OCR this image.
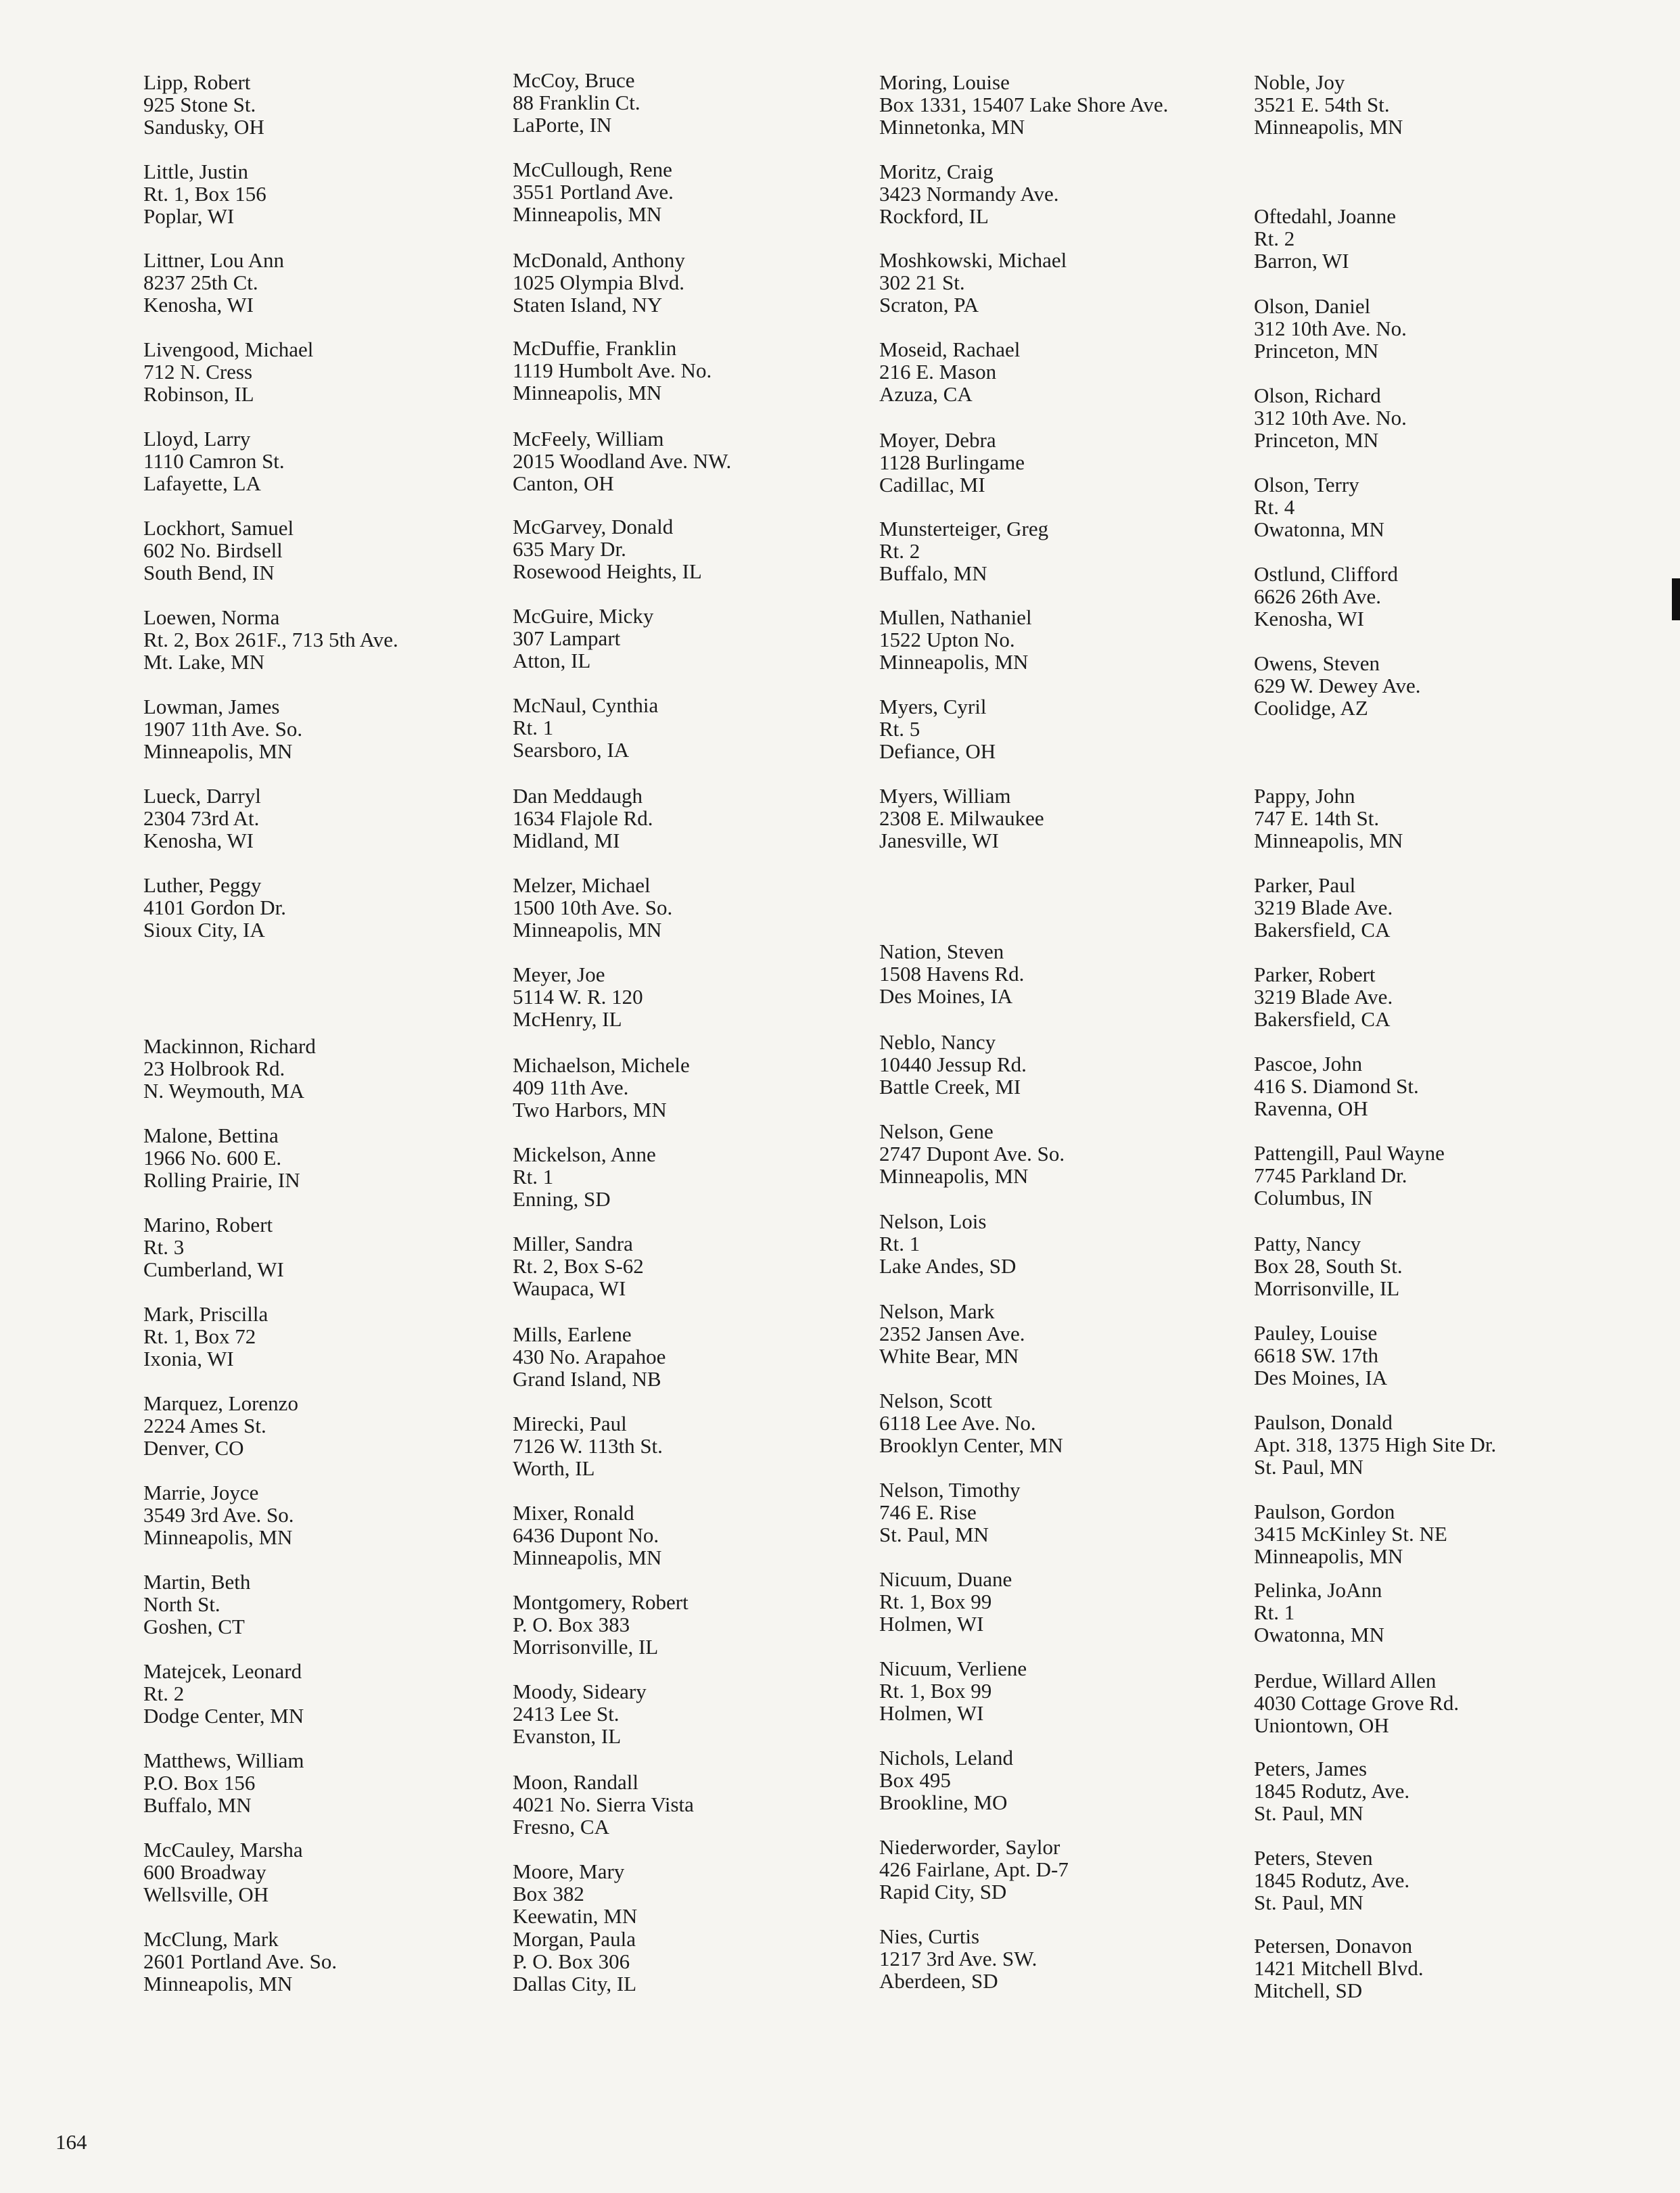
Lipp, Robert
925 Stone St.
Sandusky, OH
Little, Justin
Rt. 1, Box 156
Poplar, WI
Littner, Lou Ann
8237 25th Ct.
Kenosha, WI
Livengood, Michael
712 N. Cress
Robinson, IL
Lloyd, Larry
1110 Camron St.
Lafayette, LA
Lockhort, Samuel
602 No. Birdsell
South Bend, IN
Loewen, Norma
Rt. 2, Box 261F., 713 5th Ave.
Mt. Lake, MN
Lowman, James
1907 11th Ave. So.
Minneapolis, MN
Lueck, Darryl
2304 73rd At.
Kenosha, WI
Luther, Peggy
4101 Gordon Dr.
Sioux City, IA
Mackinnon, Richard
23 Holbrook Rd.
N. Weymouth, MA
Malone, Bettina
1966 No. 600 E.
Rolling Prairie, IN
Marino, Robert
Rt. 3
Cumberland, WI
Mark, Priscilla
Rt. 1, Box 72
Ixonia, WI
Marquez, Lorenzo
2224 Ames St.
Denver, CO
Marrie, Joyce
3549 3rd Ave. So.
Minneapolis, MN
Martin, Beth
North St.
Goshen, CT
Matejcek, Leonard
Rt. 2
Dodge Center, MN
Matthews, William
P.O. Box 156
Buffalo, MN
McCauley, Marsha
600 Broadway
Wellsville, OH
McClung, Mark
2601 Portland Ave. So.
Minneapolis, MN
McCoy, Bruce
88 Franklin Ct.
LaPorte, IN
McCullough, Rene
3551 Portland Ave.
Minneapolis, MN
McDonald, Anthony
1025 Olympia Blvd.
Staten Island, NY
McDuffie, Franklin
1119 Humbolt Ave. No.
Minneapolis, MN
McFeely, William
2015 Woodland Ave. NW.
Canton, OH
McGarvey, Donald
635 Mary Dr.
Rosewood Heights, IL
McGuire, Micky
307 Lampart
Atton, IL
McNaul, Cynthia
Rt. 1
Searsboro, IA
Dan Meddaugh
1634 Flajole Rd.
Midland, MI
Melzer, Michael
1500 10th Ave. So.
Minneapolis, MN
Meyer, Joe
5114 W. R. 120
McHenry, IL
Michaelson, Michele
409 11th Ave.
Two Harbors, MN
Mickelson, Anne
Rt. 1
Enning, SD
Miller, Sandra
Rt. 2, Box S-62
Waupaca, WI
Mills, Earlene
430 No. Arapahoe
Grand Island, NB
Mirecki, Paul
7126 W. 113th St.
Worth, IL
Mixer, Ronald
6436 Dupont No.
Minneapolis, MN
Montgomery, Robert
P. O. Box 383
Morrisonville, IL
Moody, Sideary
2413 Lee St.
Evanston, IL
Moon, Randall
4021 No. Sierra Vista
Fresno, CA
Moore, Mary
Box 382
Keewatin, MN
Morgan, Paula
P. O. Box 306
Dallas City, IL
Moring, Louise
Box 1331, 15407 Lake Shore Ave.
Minnetonka, MN
Moritz, Craig
3423 Normandy Ave.
Rockford, IL
Moshkowski, Michael
302 21 St.
Scraton, PA
Moseid, Rachael
216 E. Mason
Azuza, CA
Moyer, Debra
1128 Burlingame
Cadillac, MI
Munsterteiger, Greg
Rt. 2
Buffalo, MN
Mullen, Nathaniel
1522 Upton No.
Minneapolis, MN
Myers, Cyril
Rt. 5
Defiance, OH
Myers, William
2308 E. Milwaukee
Janesville, WI
Nation, Steven
1508 Havens Rd.
Des Moines, IA
Neblo, Nancy
10440 Jessup Rd.
Battle Creek, MI
Nelson, Gene
2747 Dupont Ave. So.
Minneapolis, MN
Nelson, Lois
Rt. 1
Lake Andes, SD
Nelson, Mark
2352 Jansen Ave.
White Bear, MN
Nelson, Scott
6118 Lee Ave. No.
Brooklyn Center, MN
Nelson, Timothy
746 E. Rise
St. Paul, MN
Nicuum, Duane
Rt. 1, Box 99
Holmen, WI
Nicuum, Verliene
Rt. 1, Box 99
Holmen, WI
Nichols, Leland
Box 495
Brookline, MO
Niederworder, Saylor
426 Fairlane, Apt. D-7
Rapid City, SD
Nies, Curtis
1217 3rd Ave. SW.
Aberdeen, SD
Noble, Joy
3521 E. 54th St.
Minneapolis, MN
Oftedahl, Joanne
Rt. 2
Barron, WI
Olson, Daniel
312 10th Ave. No.
Princeton, MN
Olson, Richard
312 10th Ave. No.
Princeton, MN
Olson, Terry
Rt. 4
Owatonna, MN
Ostlund, Clifford
6626 26th Ave.
Kenosha, WI
Owens, Steven
629 W. Dewey Ave.
Coolidge, AZ
Pappy, John
747 E. 14th St.
Minneapolis, MN
Parker, Paul
3219 Blade Ave.
Bakersfield, CA
Parker, Robert
3219 Blade Ave.
Bakersfield, CA
Pascoe, John
416 S. Diamond St.
Ravenna, OH
Pattengill, Paul Wayne
7745 Parkland Dr.
Columbus, IN
Patty, Nancy
Box 28, South St.
Morrisonville, IL
Pauley, Louise
6618 SW. 17th
Des Moines, IA
Paulson, Donald
Apt. 318, 1375 High Site Dr.
St. Paul, MN
Paulson, Gordon
3415 McKinley St. NE
Minneapolis, MN
Pelinka, JoAnn
Rt. 1
Owatonna, MN
Perdue, Willard Allen
4030 Cottage Grove Rd.
Uniontown, OH
Peters, James
1845 Rodutz, Ave.
St. Paul, MN
Peters, Steven
1845 Rodutz, Ave.
St. Paul, MN
Petersen, Donavon
1421 Mitchell Blvd.
Mitchell, SD
164
